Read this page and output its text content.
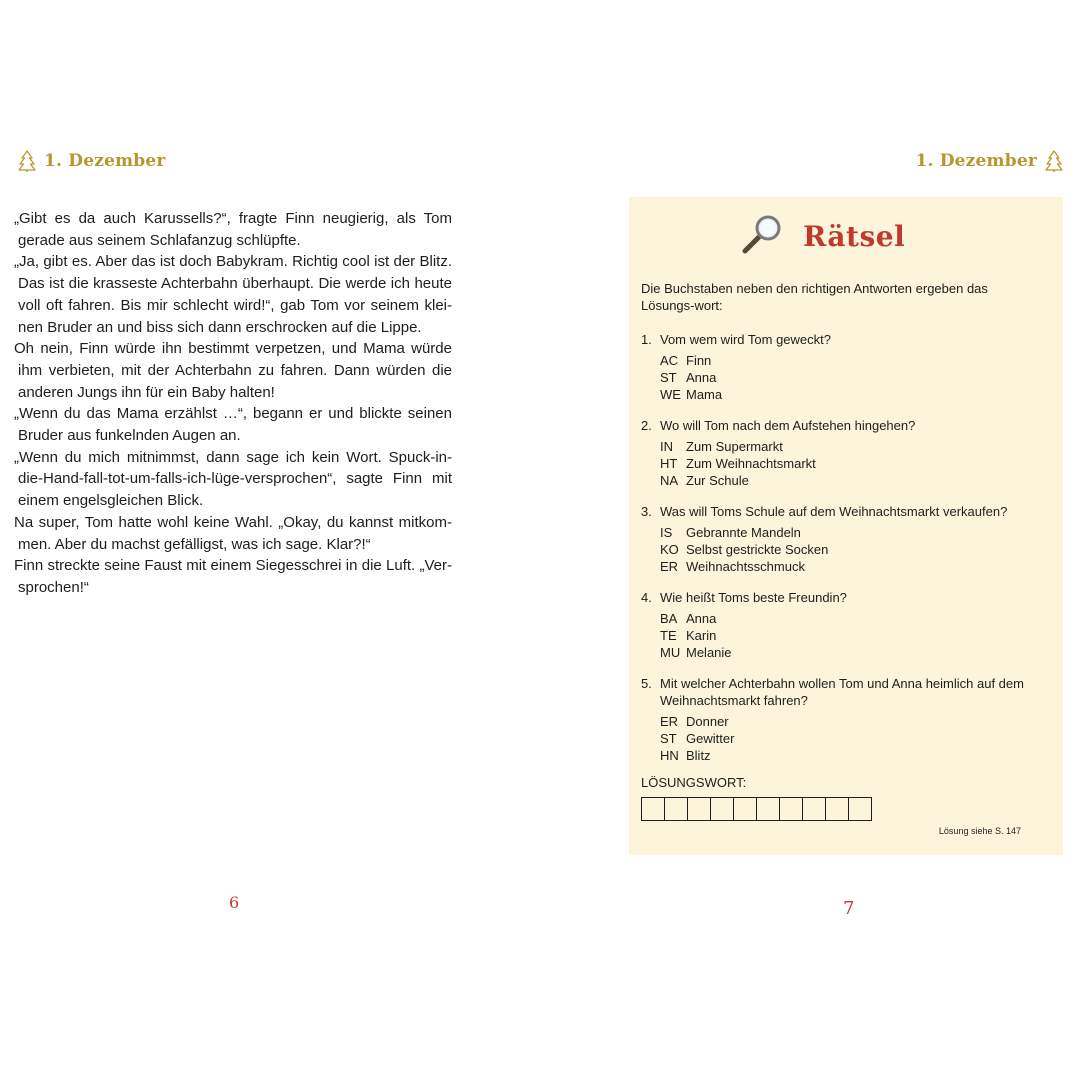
1. Dezember

„Gibt es da auch Karussells?“, fragte Finn neugierig, als Tom gerade aus seinem Schlafanzug schlüpfte.

„Ja, gibt es. Aber das ist doch Babykram. Richtig cool ist der Blitz. Das ist die krasseste Achterbahn überhaupt. Die werde ich heute voll oft fahren. Bis mir schlecht wird!“, gab Tom vor seinem klei-nen Bruder an und biss sich dann erschrocken auf die Lippe.

Oh nein, Finn würde ihn bestimmt verpetzen, und Mama würde ihm verbieten, mit der Achterbahn zu fahren. Dann würden die anderen Jungs ihn für ein Baby halten!

„Wenn du das Mama erzählst …“, begann er und blickte seinen Bruder aus funkelnden Augen an.

„Wenn du mich mitnimmst, dann sage ich kein Wort. Spuck-in-die-Hand-fall-tot-um-falls-ich-lüge-versprochen“, sagte Finn mit einem engelsgleichen Blick.

Na super, Tom hatte wohl keine Wahl. „Okay, du kannst mitkom-men. Aber du machst gefälligst, was ich sage. Klar?!“

Finn streckte seine Faust mit einem Siegesschrei in die Luft. „Ver-sprochen!“

6
1. Dezember
Rätsel
Die Buchstaben neben den richtigen Antworten ergeben das Lösungs-wort:
1. Vom wem wird Tom geweckt?
AC Finn
ST Anna
WE Mama
2. Wo will Tom nach dem Aufstehen hingehen?
IN	Zum Supermarkt
HT Zum Weihnachtsmarkt
NA Zur Schule
3. Was will Toms Schule auf dem Weihnachtsmarkt verkaufen?
IS	Gebrannte Mandeln
KO Selbst gestrickte Socken
ER Weihnachtsschmuck
4. Wie heißt Toms beste Freundin?
BA Anna
TE Karin
MU Melanie
5. Mit welcher Achterbahn wollen Tom und Anna heimlich auf dem Weihnachtsmarkt fahren?
ER Donner
ST Gewitter
HN Blitz
LÖSUNGSWORT:
Lösung siehe S. 147
7
